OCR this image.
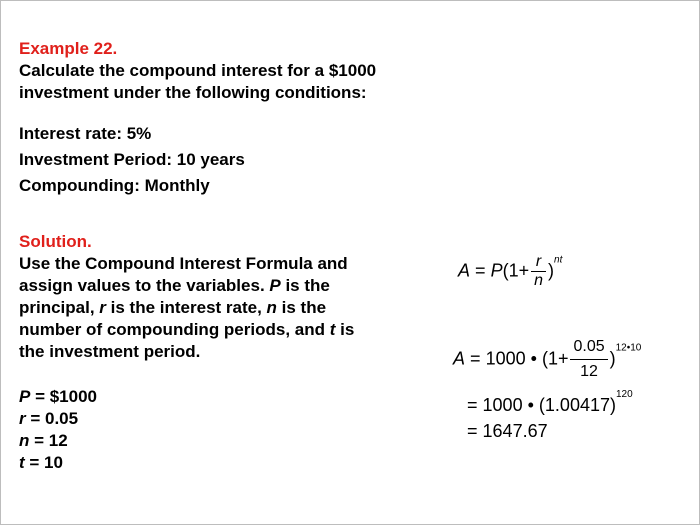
Example 22.

Calculate the compound interest for a $1000

investment under the following conditions:

Interest rate: 5%

Investment Period: 10 years

Compounding: Monthly

Solution.

Use the Compound Interest Formula and

assign values to the variables. P is the

principal, r is the interest rate, n is the

number of compounding periods, and t is

the investment period.

P = $1000

r = 0.05

n = 12

t = 10

$A = P(1+ \frac{r}{n} )^{nt}$
A = 1000 • $(1+ \frac{0.05}{12} )^{12•10}$
= 1000 • $(1.00417)^{120}$
= 1647.67
